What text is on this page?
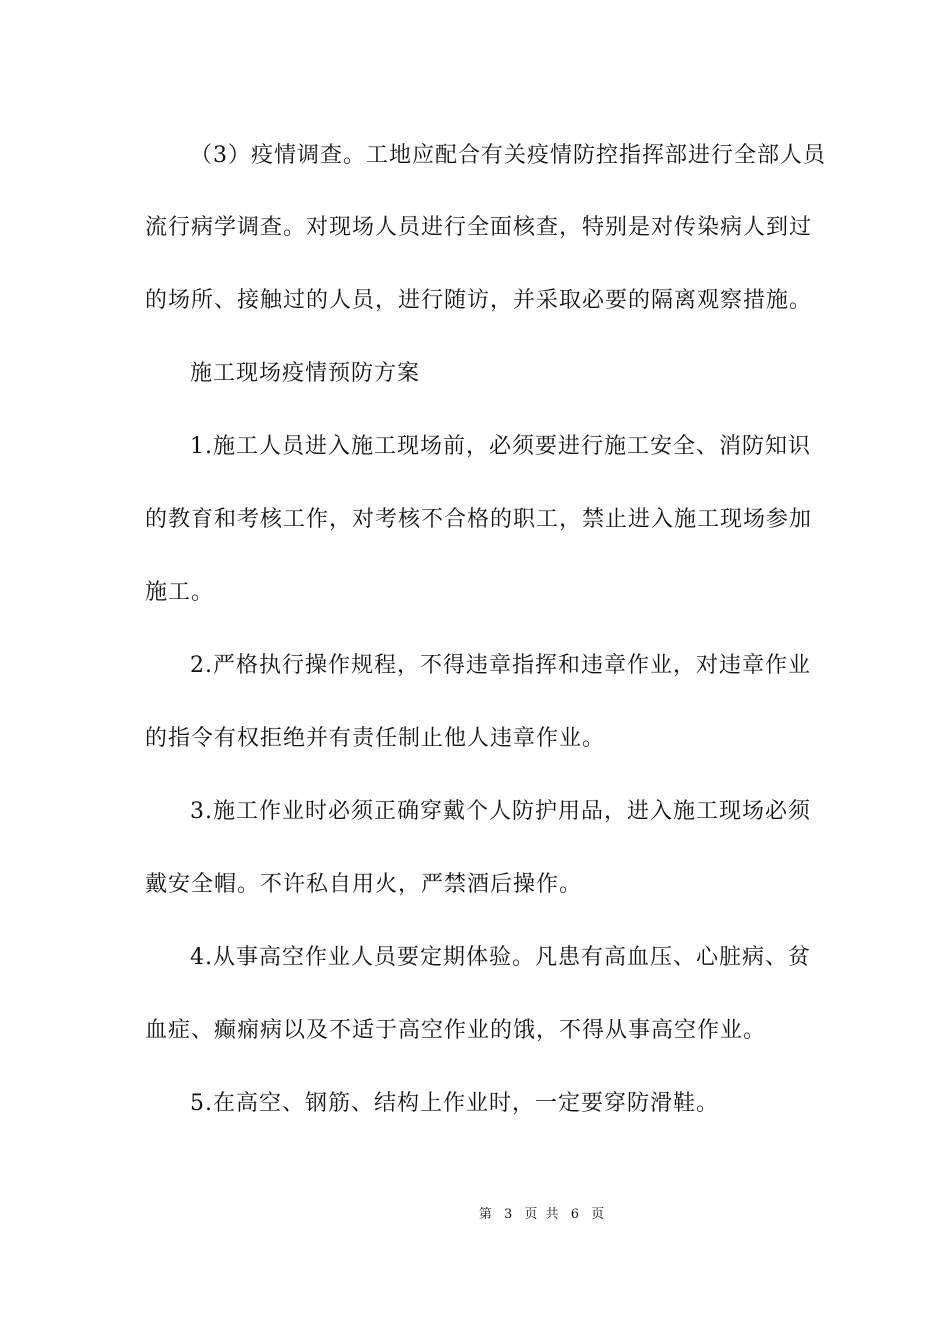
（3）疫情调查。工地应配合有关疫情防控指挥部进行全部人员
流行病学调查。对现场人员进行全面核查，特别是对传染病人到过
的场所、接触过的人员，进行随访，并采取必要的隔离观察措施。
施工现场疫情预防方案
1.施工人员进入施工现场前，必须要进行施工安全、消防知识
的教育和考核工作，对考核不合格的职工，禁止进入施工现场参加
施工。
2.严格执行操作规程，不得违章指挥和违章作业，对违章作业
的指令有权拒绝并有责任制止他人违章作业。
3.施工作业时必须正确穿戴个人防护用品，进入施工现场必须
戴安全帽。不许私自用火，严禁酒后操作。
4.从事高空作业人员要定期体验。凡患有高血压、心脏病、贫
血症、癫痫病以及不适于高空作业的饿，不得从事高空作业。
5.在高空、钢筋、结构上作业时，一定要穿防滑鞋。
第 3 页 共 6 页
